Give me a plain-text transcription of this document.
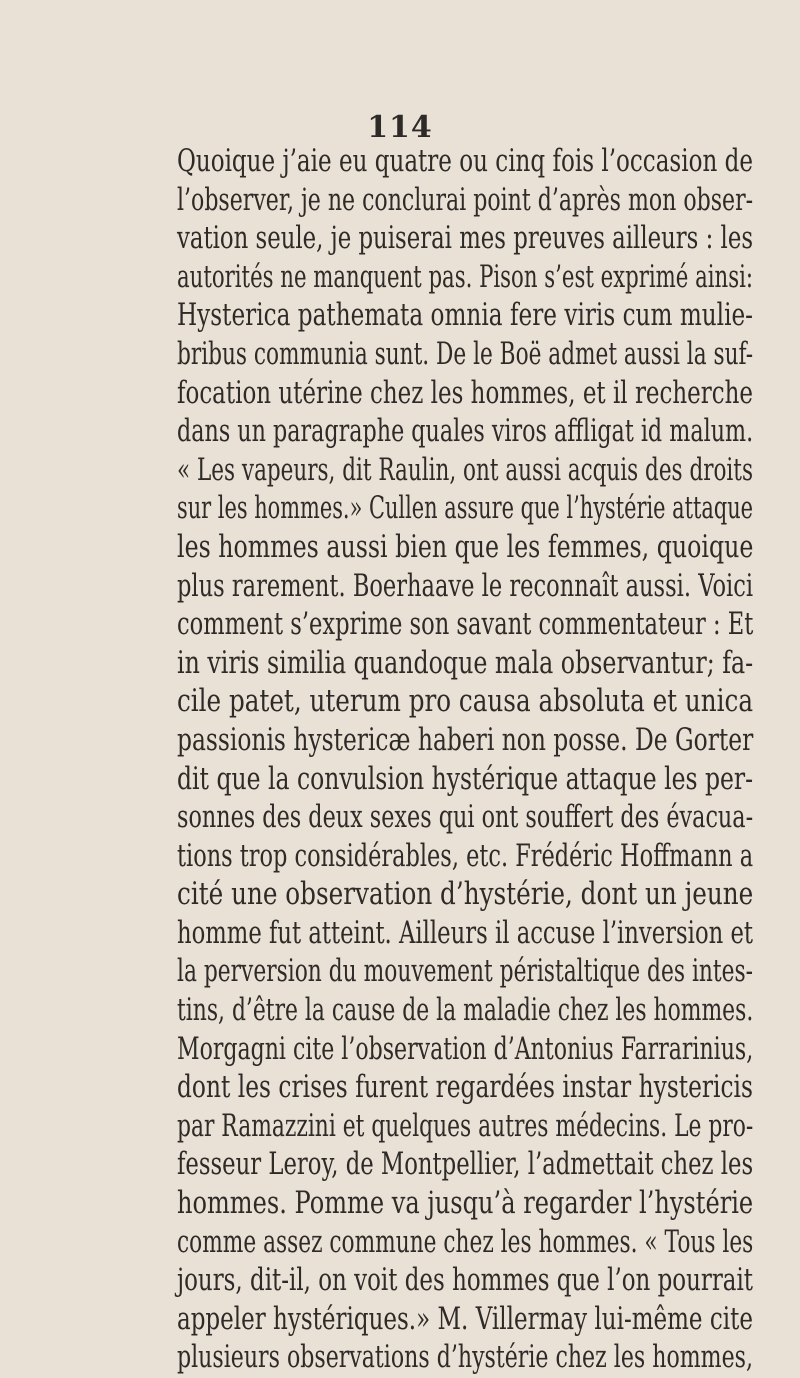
114
Quoique j’aie eu quatre ou cinq fois l’occasion de
l’observer, je ne conclurai point d’après mon obser-
vation seule, je puiserai mes preuves ailleurs : les
autorités ne manquent pas. Pison s’est exprimé ainsi:
Hysterica pathemata omnia fere viris cum mulie-
bribus communia sunt. De le Boë admet aussi la suf-
focation utérine chez les hommes, et il recherche
dans un paragraphe quales viros affligat id malum.
« Les vapeurs, dit Raulin, ont aussi acquis des droits
sur les hommes.» Cullen assure que l’hystérie attaque
les hommes aussi bien que les femmes, quoique
plus rarement. Boerhaave le reconnaît aussi. Voici
comment s’exprime son savant commentateur : Et
in viris similia quandoque mala observantur; fa-
cile patet, uterum pro causa absoluta et unica
passionis hystericæ haberi non posse. De Gorter
dit que la convulsion hystérique attaque les per-
sonnes des deux sexes qui ont souffert des évacua-
tions trop considérables, etc. Frédéric Hoffmann a
cité une observation d’hystérie, dont un jeune
homme fut atteint. Ailleurs il accuse l’inversion et
la perversion du mouvement péristaltique des intes-
tins, d’être la cause de la maladie chez les hommes.
Morgagni cite l’observation d’Antonius Farrarinius,
dont les crises furent regardées instar hystericis
par Ramazzini et quelques autres médecins. Le pro-
fesseur Leroy, de Montpellier, l’admettait chez les
hommes. Pomme va jusqu’à regarder l’hystérie
comme assez commune chez les hommes. « Tous les
jours, dit-il, on voit des hommes que l’on pourrait
appeler hystériques.» M. Villermay lui-même cite
plusieurs observations d’hystérie chez les hommes,
